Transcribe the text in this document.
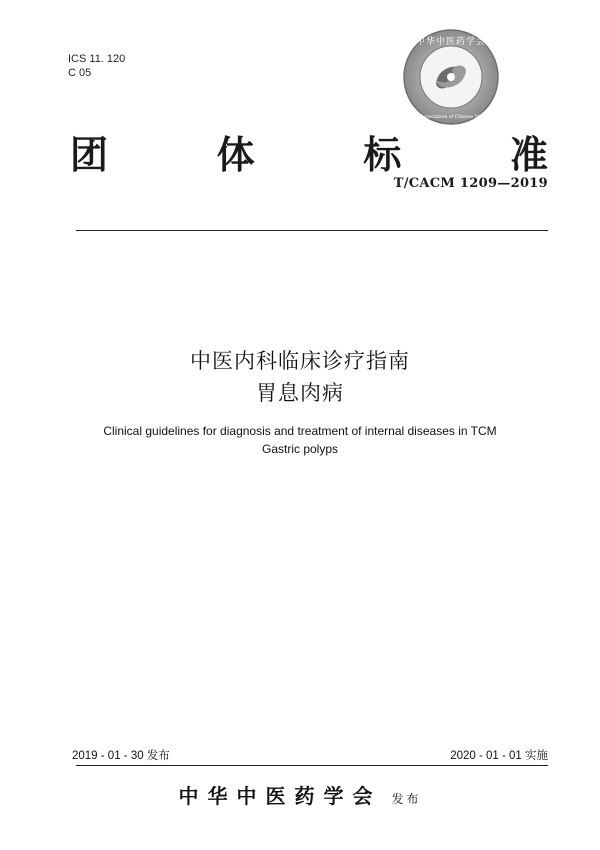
ICS 11. 120
C 05
中华中医药学会
China Association of Chinese Medicine
团	体	标	准
T/CACM 1209—2019
中医内科临床诊疗指南
胃息肉病
Clinical guidelines for diagnosis and treatment of internal diseases in TCM
Gastric polyps
2019 - 01 - 30 发布	2020 - 01 - 01 实施
中华中医药学会 发布
